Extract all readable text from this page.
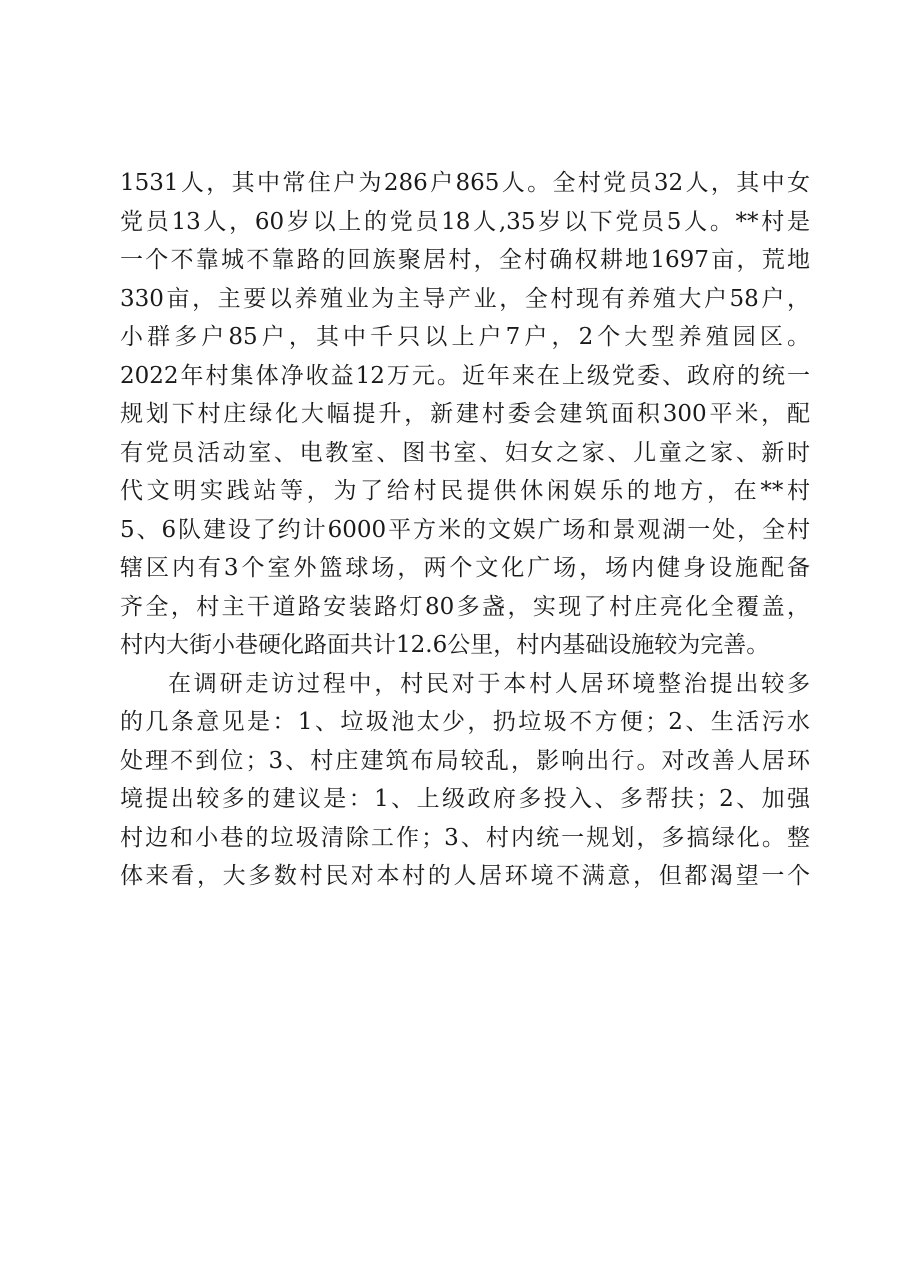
1531人，其中常住户为286户865人。全村党员32人，其中女
党员13人，60岁以上的党员18人,35岁以下党员5人。**村是
一个不靠城不靠路的回族聚居村，全村确权耕地1697亩，荒地
330亩，主要以养殖业为主导产业，全村现有养殖大户58户，
小群多户85户，其中千只以上户7户，2个大型养殖园区。
2022年村集体净收益12万元。近年来在上级党委、政府的统一
规划下村庄绿化大幅提升，新建村委会建筑面积300平米，配
有党员活动室、电教室、图书室、妇女之家、儿童之家、新时
代文明实践站等，为了给村民提供休闲娱乐的地方，在**村
5、6队建设了约计6000平方米的文娱广场和景观湖一处，全村
辖区内有3个室外篮球场，两个文化广场，场内健身设施配备
齐全，村主干道路安装路灯80多盏，实现了村庄亮化全覆盖，
村内大街小巷硬化路面共计12.6公里，村内基础设施较为完善。
在调研走访过程中，村民对于本村人居环境整治提出较多
的几条意见是：1、垃圾池太少，扔垃圾不方便；2、生活污水
处理不到位；3、村庄建筑布局较乱，影响出行。对改善人居环
境提出较多的建议是：1、上级政府多投入、多帮扶；2、加强
村边和小巷的垃圾清除工作；3、村内统一规划，多搞绿化。整
体来看，大多数村民对本村的人居环境不满意，但都渴望一个
